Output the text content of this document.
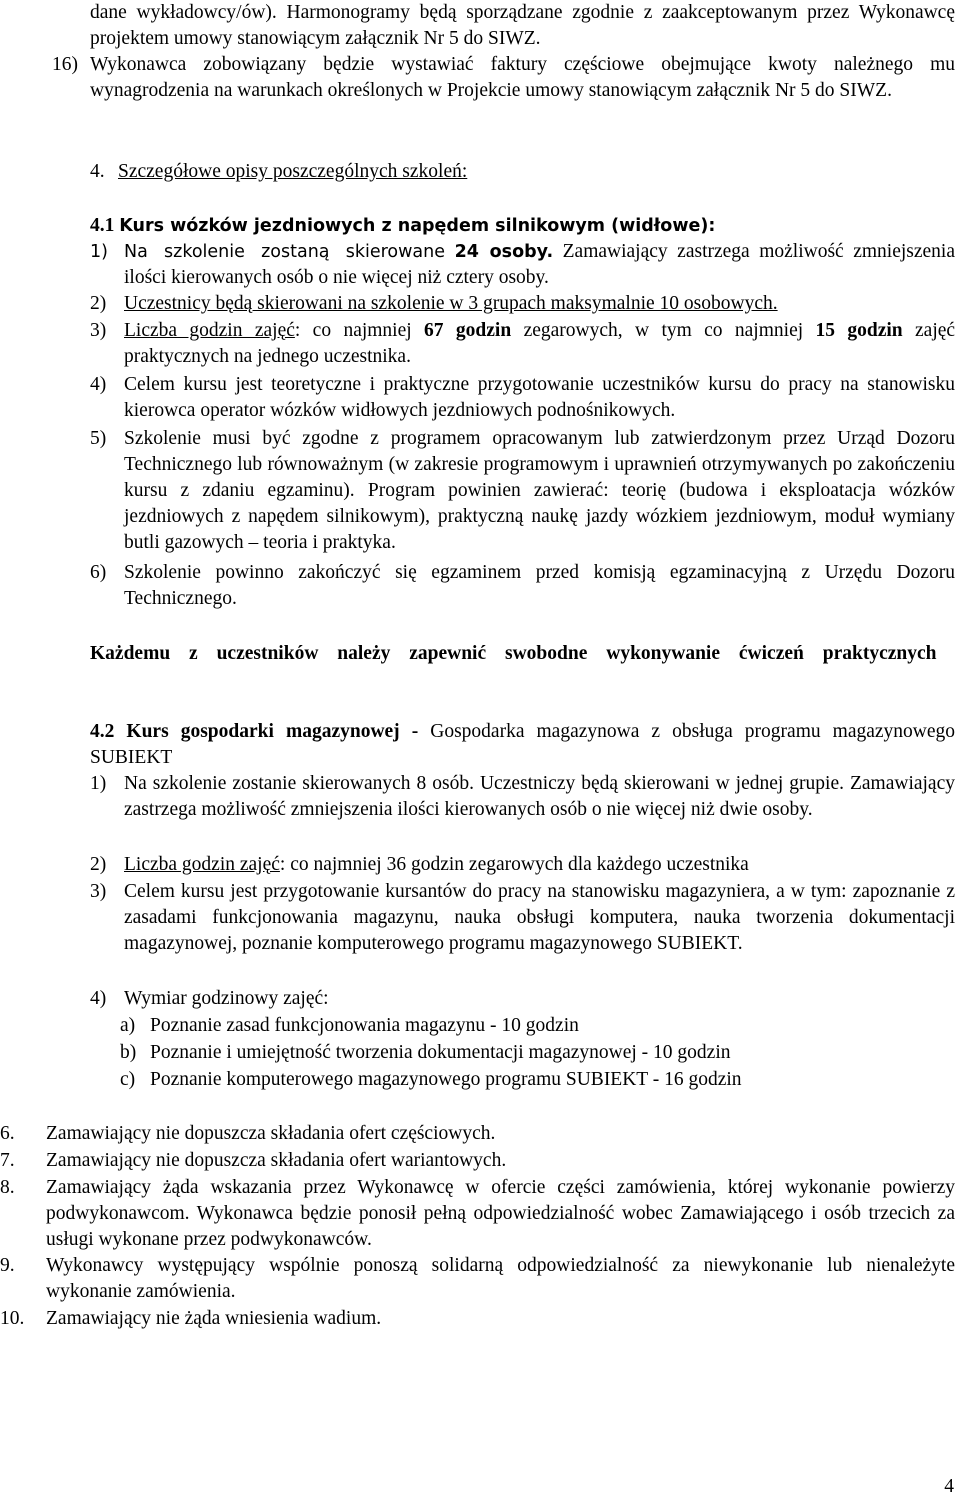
dane wykładowcy/ów). Harmonogramy będą sporządzane zgodnie z zaakceptowanym przez Wykonawcę projektem umowy stanowiącym załącznik Nr 5 do SIWZ.
16) Wykonawca zobowiązany będzie wystawiać faktury częściowe obejmujące kwoty należnego mu wynagrodzenia na warunkach określonych w Projekcie umowy stanowiącym załącznik Nr 5 do SIWZ.
4. Szczegółowe opisy poszczególnych szkoleń:
4.1 Kurs wózków jezdniowych z napędem silnikowym (widłowe):
1) Na szkolenie zostaną skierowane 24 osoby. Zamawiający zastrzega możliwość zmniejszenia ilości kierowanych osób o nie więcej niż cztery osoby.
2) Uczestnicy będą skierowani na szkolenie w 3 grupach maksymalnie 10 osobowych.
3) Liczba godzin zajęć: co najmniej 67 godzin zegarowych, w tym co najmniej 15 godzin zajęć praktycznych na jednego uczestnika.
4) Celem kursu jest teoretyczne i praktyczne przygotowanie uczestników kursu do pracy na stanowisku kierowca operator wózków widłowych jezdniowych podnośnikowych.
5) Szkolenie musi być zgodne z programem opracowanym lub zatwierdzonym przez Urząd Dozoru Technicznego lub równoważnym (w zakresie programowym i uprawnień otrzymywanych po zakończeniu kursu z zdaniu egzaminu). Program powinien zawierać: teorię (budowa i eksploatacja wózków jezdniowych z napędem silnikowym), praktyczną naukę jazdy wózkiem jezdniowym, moduł wymiany butli gazowych – teoria i praktyka.
6) Szkolenie powinno zakończyć się egzaminem przed komisją egzaminacyjną z Urzędu Dozoru Technicznego.
Każdemu z uczestników należy zapewnić swobodne wykonywanie ćwiczeń praktycznych
4.2 Kurs gospodarki magazynowej - Gospodarka magazynowa z obsługa programu magazynowego SUBIEKT
1) Na szkolenie zostanie skierowanych 8 osób. Uczestniczy będą skierowani w jednej grupie. Zamawiający zastrzega możliwość zmniejszenia ilości kierowanych osób o nie więcej niż dwie osoby.
2) Liczba godzin zajęć: co najmniej 36 godzin zegarowych dla każdego uczestnika
3) Celem kursu jest przygotowanie kursantów do pracy na stanowisku magazyniera, a w tym: zapoznanie z zasadami funkcjonowania magazynu, nauka obsługi komputera, nauka tworzenia dokumentacji magazynowej, poznanie komputerowego programu magazynowego SUBIEKT.
4) Wymiar godzinowy zajęć:
a) Poznanie zasad funkcjonowania magazynu - 10 godzin
b) Poznanie i umiejętność tworzenia dokumentacji magazynowej - 10 godzin
c) Poznanie komputerowego magazynowego programu SUBIEKT - 16 godzin
6.	Zamawiający nie dopuszcza składania ofert częściowych.
7.	Zamawiający nie dopuszcza składania ofert wariantowych.
8.	Zamawiający żąda wskazania przez Wykonawcę w ofercie części zamówienia, której wykonanie powierzy podwykonawcom. Wykonawca będzie ponosił pełną odpowiedzialność wobec Zamawiającego i osób trzecich za usługi wykonane przez podwykonawców.
9.	Wykonawcy występujący wspólnie ponoszą solidarną odpowiedzialność za niewykonanie lub nienależyte wykonanie zamówienia.
10.	Zamawiający nie żąda wniesienia wadium.
4
